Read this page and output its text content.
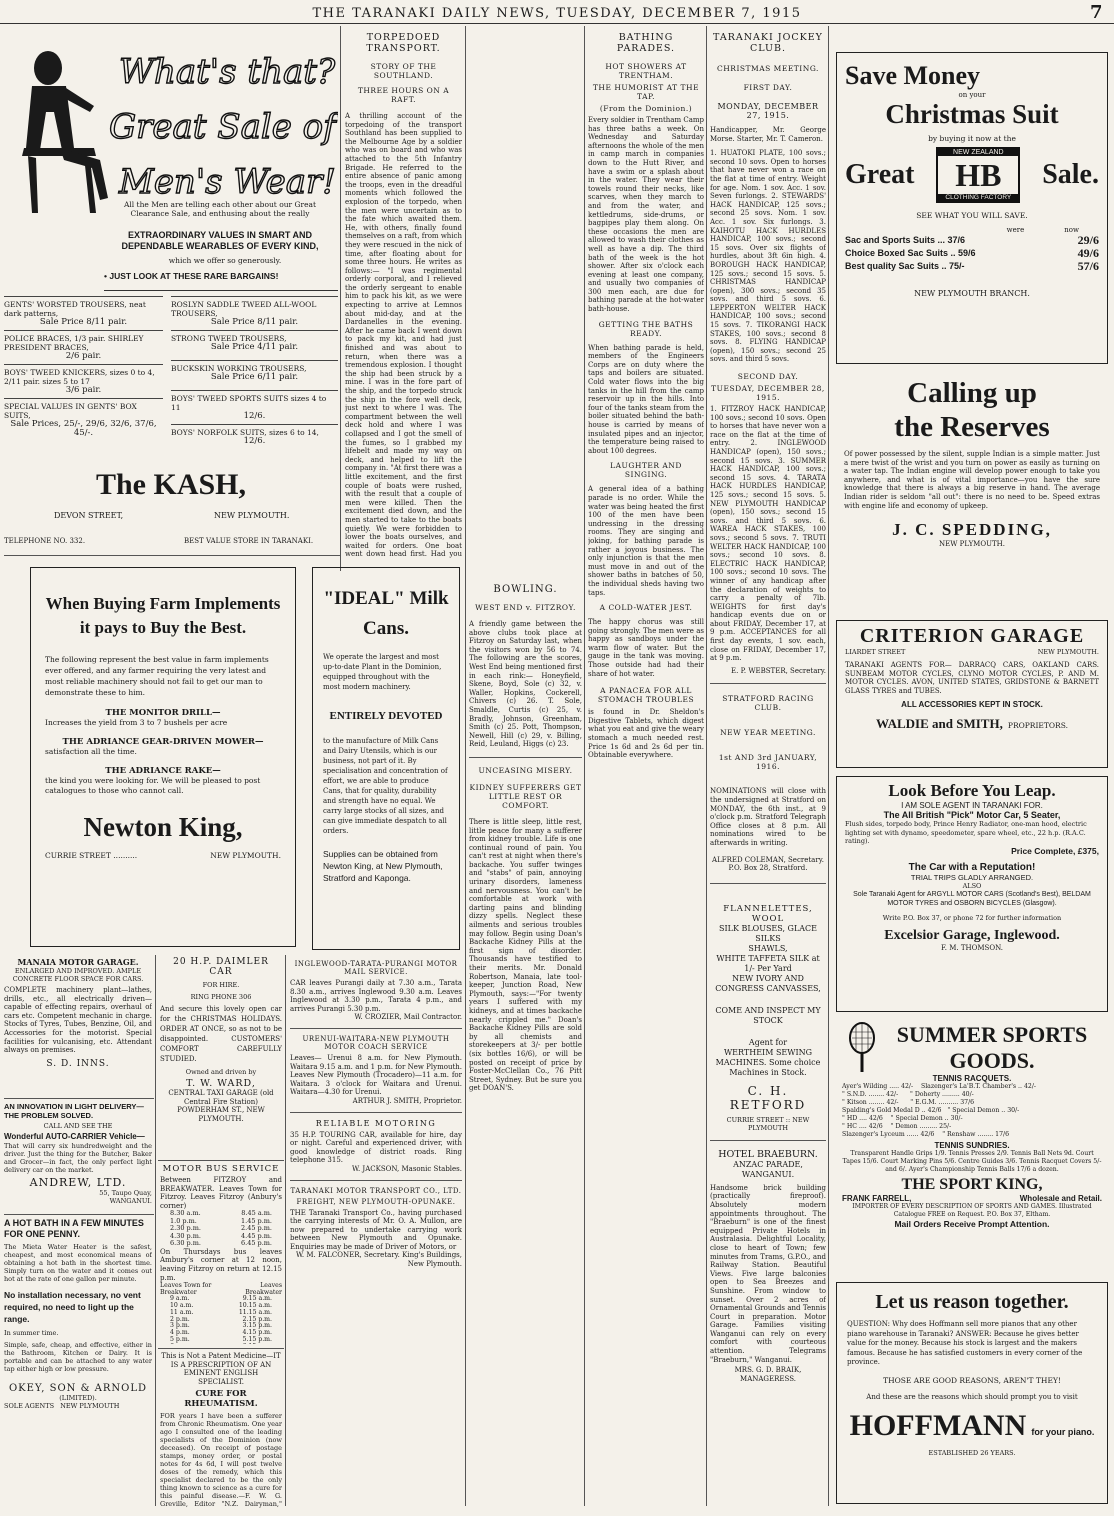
THE TARANAKI DAILY NEWS, TUESDAY, DECEMBER 7, 1915	7
What's that?
Great Sale of
Men's Wear!
All the Men are telling each other about our Great Clearance Sale, and enthusing about the really
EXTRAORDINARY VALUES IN SMART AND DEPENDABLE WEARABLES OF EVERY KIND,
which we offer so generously.
• JUST LOOK AT THESE RARE BARGAINS!
GENTS' WORSTED TROUSERS, neat dark patterns,
Sale Price 8/11 pair.
POLICE BRACES, 1/3 pair. SHIRLEY PRESIDENT BRACES,
2/6 pair.
BOYS' TWEED KNICKERS, sizes 0 to 4, 2/11 pair. sizes 5 to 17
3/6 pair.
SPECIAL VALUES IN GENTS' BOX SUITS,
Sale Prices, 25/-, 29/6, 32/6, 37/6, 45/-.

ROSLYN SADDLE TWEED ALL-WOOL TROUSERS,
Sale Price 8/11 pair.
STRONG TWEED TROUSERS,
Sale Price 4/11 pair.
BUCKSKIN WORKING TROUSERS,
Sale Price 6/11 pair.
BOYS' TWEED SPORTS SUITS sizes 4 to 11
12/6.
BOYS' NORFOLK SUITS, sizes 6 to 14,
12/6.
The KASH,
DEVON STREET,	NEW PLYMOUTH.
TELEPHONE NO. 332.	BEST VALUE STORE IN TARANAKI.
When Buying Farm Implements it pays to Buy the Best.
The following represent the best value in farm implements ever offered, and any farmer requiring the very latest and most reliable machinery should not fail to get our man to demonstrate these to him.
THE MONITOR DRILL—
Increases the yield from 3 to 7 bushels per acre
THE ADRIANCE GEAR-DRIVEN MOWER—
satisfaction all the time.
THE ADRIANCE RAKE—
the kind you were looking for. We will be pleased to post catalogues to those who cannot call.
Newton King,
CURRIE STREET ..........	NEW PLYMOUTH.
"IDEAL" Milk Cans.
We operate the largest and most up-to-date Plant in the Dominion, equipped throughout with the most modern machinery.
ENTIRELY DEVOTED
to the manufacture of Milk Cans and Dairy Utensils, which is our business, not part of it. By specialisation and concentration of effort, we are able to produce Cans, that for quality, durability and strength have no equal. We carry large stocks of all sizes, and can give immediate despatch to all orders.
Supplies can be obtained from Newton King, at New Plymouth, Stratford and Kaponga.
TORPEDOED TRANSPORT.
STORY OF THE SOUTHLAND.
THREE HOURS ON A RAFT.
A thrilling account of the torpedoing of the transport Southland has been supplied to the Melbourne Age by a soldier who was on board and who was attached to the 5th Infantry Brigade. He referred to the entire absence of panic among the troops, even in the dreadful moments which followed the explosion of the torpedo, when the men were uncertain as to the fate which awaited them. He, with others, finally found themselves on a raft, from which they were rescued in the nick of time, after floating about for some three hours. He writes as follows:— "I was regimental orderly corporal, and I relieved the orderly sergeant to enable him to pack his kit, as we were expecting to arrive at Lemnos about mid-day, and at the Dardanelles in the evening. After he came back I went down to pack my kit, and had just finished and was about to return, when there was a tremendous explosion. I thought the ship had been struck by a mine. I was in the fore part of the ship, and the torpedo struck the ship in the fore well deck, just next to where I was. The compartment between the well deck hold and where I was collapsed and I got the smell of the fumes, so I grabbed my lifebelt and made my way on deck, and helped to lift the company in. "At first there was a little excitement, and the first couple of boats were rushed, with the result that a couple of men were killed. Then the excitement died down, and the men started to take to the boats quietly. We were forbidden to lower the boats ourselves, and waited for orders. One boat went down head first. Had you
BATHING PARADES.
HOT SHOWERS AT TRENTHAM.
THE HUMORIST AT THE TAP.
(From the Dominion.)
Every soldier in Trentham Camp has three baths a week. On Wednesday and Saturday afternoons the whole of the men in camp march in companies down to the Hutt River, and have a swim or a splash about in the water. They wear their towels round their necks, like scarves, when they march to and from the water, and kettledrums, side-drums, or bagpipes play them along. On these occasions the men are allowed to wash their clothes as well as have a dip. The third bath of the week is the hot shower. After six o'clock each evening at least one company, and usually two companies of 300 men each, are due for bathing parade at the hot-water bath-house.
GETTING THE BATHS READY.
When bathing parade is held, members of the Engineers Corps are on duty where the taps and boilers are situated. Cold water flows into the big tanks in the hill from the camp reservoir up in the hills. Into four of the tanks steam from the boiler situated behind the bath-house is carried by means of insulated pipes and an injector, the temperature being raised to about 100 degrees.
LAUGHTER AND SINGING.
A general idea of a bathing parade is no order. While the water was being heated the first 100 of the men have been undressing in the dressing rooms. They are singing and joking, for bathing parade is rather a joyous business. The only injunction is that the men must move in and out of the shower baths in batches of 50, the individual sheds having two taps.
A COLD-WATER JEST.
The happy chorus was still going strongly. The men were as happy as sandboys under the warm flow of water. But the gauge in the tank was moving. Those outside had had their share of hot water.
A PANACEA FOR ALL STOMACH TROUBLES
is found in Dr. Sheldon's Digestive Tablets, which digest what you eat and give the weary stomach a much needed rest. Price 1s 6d and 2s 6d per tin. Obtainable everywhere.
TARANAKI JOCKEY CLUB.
CHRISTMAS MEETING.
FIRST DAY.
MONDAY, DECEMBER 27, 1915.
Handicapper, Mr. George Morse. Starter, Mr. T. Cameron.
1. HUATOKI PLATE, 100 sovs.; second 10 sovs. Open to horses that have never won a race on the flat at time of entry. Weight for age. Nom. 1 sov. Acc. 1 sov. Seven furlongs. 2. STEWARDS' HACK HANDICAP, 125 sovs.; second 25 sovs. Nom. 1 sov. Acc. 1 sov. Six furlongs. 3. KAIHOTU HACK HURDLES HANDICAP, 100 sovs.; second 15 sovs. Over six flights of hurdles, about 3ft 6in high. 4. BOROUGH HACK HANDICAP, 125 sovs.; second 15 sovs. 5. CHRISTMAS HANDICAP (open), 300 sovs.; second 35 sovs. and third 5 sovs. 6. LEPPERTON WELTER HACK HANDICAP, 100 sovs.; second 15 sovs. 7. TIKORANGI HACK STAKES, 100 sovs.; second 8 sovs. 8. FLYING HANDICAP (open), 150 sovs.; second 25 sovs. and third 5 sovs.
SECOND DAY.
TUESDAY, DECEMBER 28, 1915.
1. FITZROY HACK HANDICAP, 100 sovs.; second 10 sovs. Open to horses that have never won a race on the flat at the time of entry. 2. INGLEWOOD HANDICAP (open), 150 sovs.; second 15 sovs. 3. SUMMER HACK HANDICAP, 100 sovs.; second 15 sovs. 4. TARATA HACK HURDLES HANDICAP, 125 sovs.; second 15 sovs. 5. NEW PLYMOUTH HANDICAP (open), 150 sovs.; second 15 sovs. and third 5 sovs. 6. WAREA HACK STAKES, 100 sovs.; second 5 sovs. 7. TRUTI WELTER HACK HANDICAP, 100 sovs.; second 10 sovs. 8. ELECTRIC HACK HANDICAP, 100 sovs.; second 10 sovs. The winner of any handicap after the declaration of weights to carry a penalty of 7lb. WEIGHTS for first day's handicap events due on or about FRIDAY, December 17, at 9 p.m. ACCEPTANCES for all first day events, 1 sov. each, close on FRIDAY, December 17, at 9 p.m.
E. P. WEBSTER, Secretary.
STRATFORD RACING CLUB.
NEW YEAR MEETING.
1st AND 3rd JANUARY, 1916.
NOMINATIONS will close with the undersigned at Stratford on MONDAY, the 6th inst., at 9 o'clock p.m. Stratford Telegraph Office closes at 8 p.m. All nominations wired to be afterwards in writing.
ALFRED COLEMAN, Secretary. P.O. Box 28, Stratford.
FLANNELETTES, WOOL
SILK BLOUSES, GLACE SILKS
SHAWLS,
WHITE TAFFETA SILK at 1/- Per Yard
NEW IVORY AND CONGRESS CANVASSES,
COME AND INSPECT MY STOCK
Agent for
WERTHEIM SEWING MACHINES. Some choice Machines in Stock.
C. H. RETFORD
CURRIE STREET :: NEW PLYMOUTH
HOTEL BRAEBURN.
ANZAC PARADE,
WANGANUI.
Handsome brick building (practically fireproof). Absolutely modern appointments throughout. The "Braeburn" is one of the finest equipped Private Hotels in Australasia. Delightful Locality, close to heart of Town; few minutes from Trams, G.P.O., and Railway Station. Beautiful Views. Five large balconies open to Sea Breezes and Sunshine. From window to sunset. Over 2 acres of Ornamental Grounds and Tennis Court in preparation. Motor Garage. Families visiting Wanganui can rely on every comfort with courteous attention. Telegrams "Braeburn," Wanganui.
MRS. G. D. BRAIK, MANAGERESS.
Save Money
on your
Christmas Suit
by buying it now at the
Great
NEW ZEALAND
HB
CLOTHING FACTORY
Sale.
SEE WHAT YOU WILL SAVE.
were	now
Sac and Sports Suits ... 37/6	29/6
Choice Boxed Sac Suits .. 59/6	49/6
Best quality Sac Suits .. 75/-	57/6
NEW PLYMOUTH BRANCH.
Calling up
the Reserves
Of power possessed by the silent, supple Indian is a simple matter. Just a mere twist of the wrist and you turn on power as easily as turning on a water tap. The Indian engine will develop power enough to take you anywhere, and what is of vital importance—you have the sure knowledge that there is always a big reserve in hand. The average Indian rider is seldom "all out": there is no need to be. Speed extras with engine life and economy of upkeep.
J. C. SPEDDING,
NEW PLYMOUTH.
CRITERION GARAGE
LIARDET STREET	NEW PLYMOUTH.
TARANAKI AGENTS FOR— DARRACQ CARS, OAKLAND CARS. SUNBEAM MOTOR CYCLES, CLYNO MOTOR CYCLES, P. AND M. MOTOR CYCLES. AVON, UNITED STATES, GRIDSTONE & BARNETT GLASS TYRES and TUBES.
ALL ACCESSORIES KEPT IN STOCK.
WALDIE and SMITH, PROPRIETORS.
Look Before You Leap.
I AM SOLE AGENT IN TARANAKI FOR.
The All British "Pick" Motor Car, 5 Seater,
Flush sides, torpedo body, Prince Henry Radiator, one-man hood, electric lighting set with dynamo, speedometer, spare wheel, etc., 22 h.p. (R.A.C. rating).
Price Complete, £375,
The Car with a Reputation!
TRIAL TRIPS GLADLY ARRANGED.
ALSO
Sole Taranaki Agent for ARGYLL MOTOR CARS (Scotland's Best), BELDAM MOTOR TYRES and OSBORN BICYCLES (Glasgow).
Write P.O. Box 37, or phone 72 for further information
Excelsior Garage, Inglewood.
F. M. THOMSON.
SUMMER SPORTS
GOODS.
TENNIS RACQUETS.
Ayer's Wilding ..... 42/-    Slazenger's La'B.T. Chamber's .. 42/-
" S.N.D. ........ 42/-      " Doherty ......... 40/-
" Kitson ........ 42/-      " E.G.M. .......... 37/6
Spalding's Gold Medal D .. 42/6   " Special Demon .. 30/-
" HD .... 42/6    " Special Demon .. 30/-
" HC .... 42/6    " Demon ......... 25/-
Slazenger's Lyceum ...... 42/6    " Renshaw ........ 17/6
TENNIS SUNDRIES.
Transparent Handle Grips 1/9. Tennis Presses 2/9. Tennis Ball Nets 9d. Court Tapes 15/6. Court Marking Pins 5/6. Centre Guides 3/6. Tennis Racquet Covers 5/- and 6/. Ayer's Championship Tennis Balls 17/6 a dozen.
THE SPORT KING,
FRANK FARRELL,	Wholesale and Retail.
IMPORTER OF EVERY DESCRIPTION OF SPORTS AND GAMES. Illustrated Catalogue FREE on Request. P.O. Box 37, Eltham.
Mail Orders Receive Prompt Attention.
Let us reason together.
QUESTION: Why does Hoffmann sell more pianos that any other piano warehouse in Taranaki? ANSWER: Because he gives better value for the money. Because his stock is largest and the makers famous. Because he has satisfied customers in every corner of the province.
THOSE ARE GOOD REASONS, AREN'T THEY!
And these are the reasons which should prompt you to visit
HOFFMANN for your piano.
ESTABLISHED 26 YEARS.
MANAIA MOTOR GARAGE.
ENLARGED AND IMPROVED. AMPLE CONCRETE FLOOR SPACE FOR CARS.
COMPLETE machinery plant—lathes, drills, etc., all electrically driven—capable of effecting repairs, overhaul of cars etc. Competent mechanic in charge. Stocks of Tyres, Tubes, Benzine, Oil, and Accessories for the motorist. Special facilities for vulcanising, etc. Attendant always on premises.
S. D. INNS.
AN INNOVATION IN LIGHT DELIVERY—THE PROBLEM SOLVED.
CALL AND SEE THE
Wonderful AUTO-CARRIER Vehicle—
That will carry six hundredweight and the driver. Just the thing for the Butcher, Baker and Grocer—in fact, the only perfect light delivery car on the market.
ANDREW, LTD.
55, Taupo Quay,
WANGANUI.
A HOT BATH IN A FEW MINUTES FOR ONE PENNY.
The Mieta Water Heater is the safest, cheapest, and most economical means of obtaining a hot bath in the shortest time. Simply turn on the water and it comes out hot at the rate of one gallon per minute.
No installation necessary, no vent required, no need to light up the range.
In summer time.
Simple, safe, cheap, and effective, either in the Bathroom, Kitchen or Dairy. It is portable and can be attached to any water tap either high or low pressure.
OKEY, SON & ARNOLD
(LIMITED).
SOLE AGENTS   NEW PLYMOUTH
20 H.P. DAIMLER CAR
FOR HIRE.
RING PHONE 306
And secure this lovely open car for the CHRISTMAS HOLIDAYS. ORDER AT ONCE, so as not to be disappointed. CUSTOMERS' COMFORT CAREFULLY STUDIED.
Owned and driven by
T. W. WARD,
CENTRAL TAXI GARAGE (old Central Fire Station) POWDERHAM ST., NEW PLYMOUTH.
MOTOR BUS SERVICE
Between FITZROY and BREAKWATER. Leaves Town for Fitzroy. Leaves Fitzroy (Anbury's corner)
8.30 a.m.	8.45 a.m.
1.0 p.m.	1.45 p.m.
2.30 p.m.	2.45 p.m.
4.30 p.m.	4.45 p.m.
6.30 p.m.	6.45 p.m.
On Thursdays bus leaves Ambury's corner at 12 noon, leaving Fitzroy on return at 12.15 p.m.
Leaves Town for Breakwater
Leaves Breakwater
9 a.m.	9.15 a.m.
10 a.m.	10.15 a.m.
11 a.m.	11.15 a.m.
2 p.m.	2.15 p.m.
3 p.m.	3.15 p.m.
4 p.m.	4.15 p.m.
5 p.m.	5.15 p.m.
This is Not a Patent Medicine—IT IS A PRESCRIPTION OF AN EMINENT ENGLISH SPECIALIST.
CURE FOR RHEUMATISM.
FOR years I have been a sufferer from Chronic Rheumatism. One year ago I consulted one of the leading specialists of the Dominion (now deceased). On receipt of postage stamps, money order, or postal notes for 4s 6d, I will post twelve doses of the remedy, which this specialist declared to be the only thing known to science as a cure for this painful disease.—F. W. G. Greville, Editor "N.Z. Dairyman,"
INGLEWOOD-TARATA-PURANGI MOTOR MAIL SERVICE.
CAR leaves Purangi daily at 7.30 a.m., Tarata 8.30 a.m., arrives Inglewood 9.30 a.m. Leaves Inglewood at 3.30 p.m., Tarata 4 p.m., and arrives Purangi 5.30 p.m.
W. CROZIER, Mail Contractor.
URENUI-WAITARA-NEW PLYMOUTH MOTOR COACH SERVICE
Leaves— Urenui 8 a.m. for New Plymouth. Waitara 9.15 a.m. and 1 p.m. for New Plymouth. Leaves New Plymouth (Trocadero)—11 a.m. for Waitara. 3 o'clock for Waitara and Urenui. Waitara—4.30 for Urenui.
ARTHUR J. SMITH, Proprietor.
RELIABLE MOTORING
35 H.P. TOURING CAR, available for hire, day or night. Careful and experienced driver, with good knowledge of district roads. Ring telephone 315.
W. JACKSON, Masonic Stables.
TARANAKI MOTOR TRANSPORT CO., LTD.
FREIGHT, NEW PLYMOUTH-OPUNAKE.
THE Taranaki Transport Co., having purchased the carrying interests of Mr. O. A. Mullon, are now prepared to undertake carrying work between New Plymouth and Opunake. Enquiries may be made of Driver of Motors, or
W. M. FALCONER, Secretary. King's Buildings, New Plymouth.
BOWLING.
WEST END v. FITZROY.
A friendly game between the above clubs took place at Fitzroy on Saturday last, when the visitors won by 56 to 74. The following are the scores, West End being mentioned first in each rink:— Honeyfield, Skene, Boyd, Sole (c) 32, v. Waller, Hopkins, Cockerell, Chivers (c) 26. T. Sole, Smaldle, Curtis (c) 25, v. Bradly, Johnson, Greenham, Smith (c) 25. Pott, Thompson, Newell, Hill (c) 29, v. Billing, Reid, Leuland, Higgs (c) 23.
UNCEASING MISERY.
KIDNEY SUFFERERS GET LITTLE REST OR COMFORT.
There is little sleep, little rest, little peace for many a sufferer from kidney trouble. Life is one continual round of pain. You can't rest at night when there's backache. You suffer twinges and "stabs" of pain, annoying urinary disorders, lameness and nervousness. You can't be comfortable at work with darting pains and blinding dizzy spells. Neglect these ailments and serious troubles may follow. Begin using Doan's Backache Kidney Pills at the first sign of disorder. Thousands have testified to their merits. Mr. Donald Robertson, Manaia, late tool-keeper, Junction Road, New Plymouth, says:—"For twenty years I suffered with my kidneys, and at times backache nearly crippled me." Doan's Backache Kidney Pills are sold by all chemists and storekeepers at 3/- per bottle (six bottles 16/6), or will be posted on receipt of price by Foster-McClellan Co., 76 Pitt Street, Sydney. But be sure you get DOAN'S.
